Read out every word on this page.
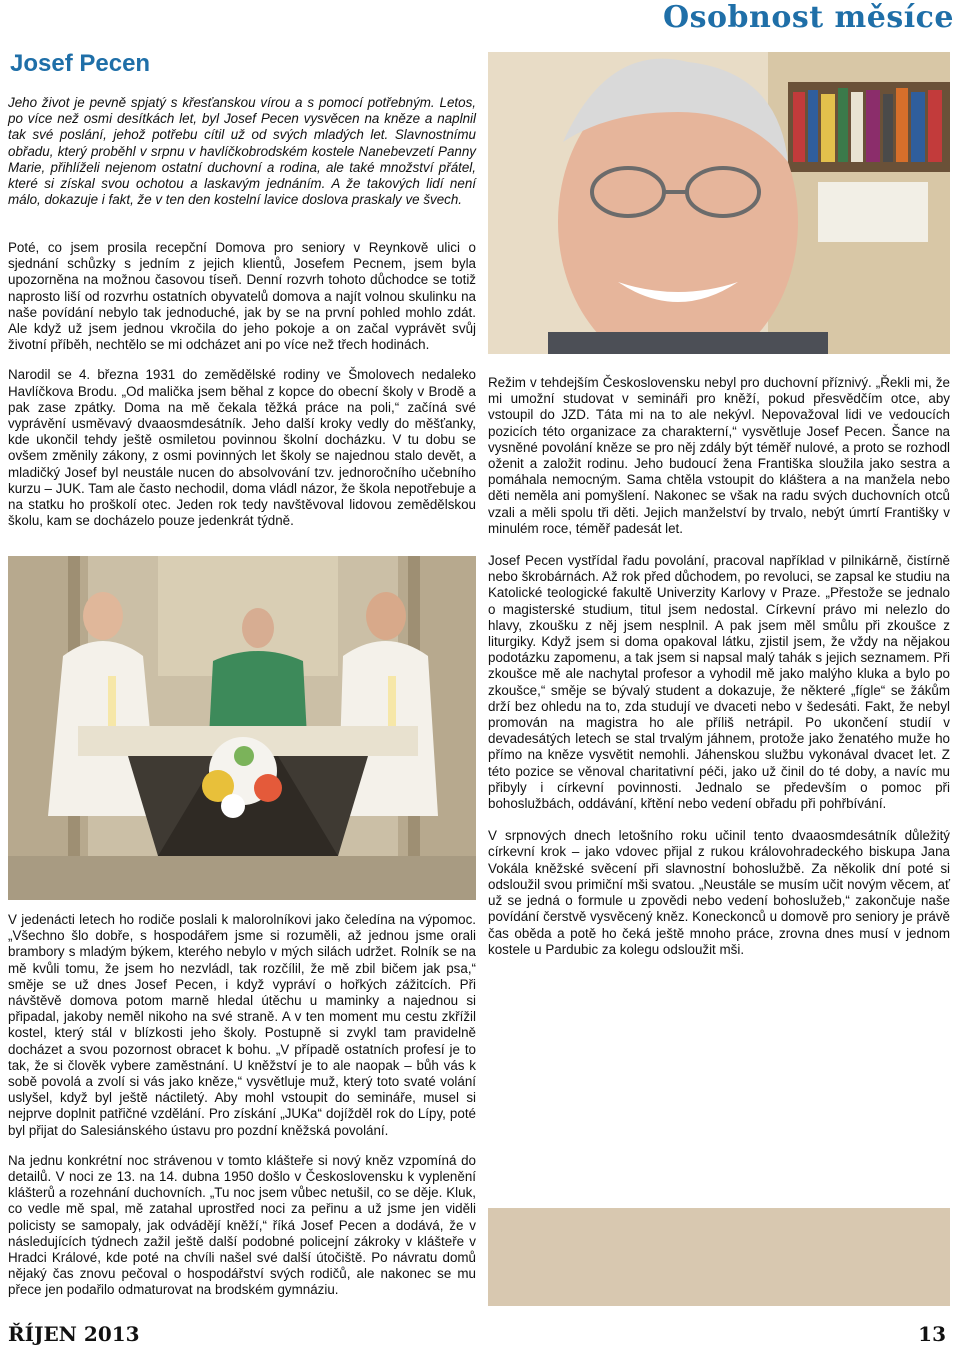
Osobnost měsíce
Josef Pecen

Jeho život je pevně spjatý s křesťanskou vírou a s pomocí potřebným. Letos, po více než osmi desítkách let, byl Josef Pecen vysvěcen na kněze a naplnil tak své poslání, jehož potřebu cítil už od svých mladých let. Slavnostnímu obřadu, který proběhl v srpnu v havlíčkobrodském kostele Nanebevzetí Panny Marie, přihlíželi nejenom ostatní duchovní a rodina, ale také množství přátel, které si získal svou ochotou a laskavým jednáním. A že takových lidí není málo, dokazuje i fakt, že v ten den kostelní lavice doslova praskaly ve švech.

Poté, co jsem prosila recepční Domova pro seniory v Reynkově ulici o sjednání schůzky s jedním z jejich klientů, Josefem Pecnem, jsem byla upozorněna na možnou časovou tíseň. Denní rozvrh tohoto důchodce se totiž naprosto liší od rozvrhu ostatních obyvatelů domova a najít volnou skulinku na naše povídání nebylo tak jednoduché, jak by se na první pohled mohlo zdát. Ale když už jsem jednou vkročila do jeho pokoje a on začal vyprávět svůj životní příběh, nechtělo se mi odcházet ani po více než třech hodinách.

Narodil se 4. března 1931 do zemědělské rodiny ve Šmolovech nedaleko Havlíčkova Brodu. „Od malička jsem běhal z kopce do obecní školy v Brodě a pak zase zpátky. Doma na mě čekala těžká práce na poli,“ začíná své vyprávění usměvavý dvaaosmdesátník. Jeho další kroky vedly do měšťanky, kde ukončil tehdy ještě osmiletou povinnou školní docházku. V tu dobu se ovšem změnily zákony, z osmi povinných let školy se najednou stalo devět, a mladičký Josef byl neustále nucen do absolvování tzv. jednoročního učebního kurzu – JUK. Tam ale často nechodil, doma vládl názor, že škola nepotřebuje a na statku ho proškolí otec. Jeden rok tedy navštěvoval lidovou zemědělskou školu, kam se docházelo pouze jedenkrát týdně.

V jedenácti letech ho rodiče poslali k malorolníkovi jako čeledína na výpomoc. „Všechno šlo dobře, s hospodářem jsme si rozuměli, až jednou jsme orali brambory s mladým býkem, kterého nebylo v mých silách udržet. Rolník se na mě kvůli tomu, že jsem ho nezvládl, tak rozčílil, že mě zbil bičem jak psa,“ směje se už dnes Josef Pecen, i když vypráví o hořkých zážitcích. Při návštěvě domova potom marně hledal útěchu u maminky a najednou si připadal, jakoby nemĕl nikoho na své straně. A v ten moment mu cestu zkřížil kostel, který stál v blízkosti jeho školy. Postupně si zvykl tam pravidelně docházet a svou pozornost obracet k bohu. „V případě ostatních profesí je to tak, že si člověk vybere zaměstnání. U kněžství je to ale naopak – bůh vás k sobě povolá a zvolí si vás jako kněze,“ vysvětluje muž, který toto svaté volání uslyšel, když byl ještě náctiletý. Aby mohl vstoupit do semináře, musel si nejprve doplnit patřičné vzdělání. Pro získání „JUKa“ dojížděl rok do Lípy, poté byl přijat do Salesiánského ústavu pro pozdní kněžská povolání.

Na jednu konkrétní noc strávenou v tomto klášteře si nový kněz vzpomíná do detailů. V noci ze 13. na 14. dubna 1950 došlo v Československu k vyplenění klášterů a rozehnání duchovních. „Tu noc jsem vůbec netušil, co se děje. Kluk, co vedle mě spal, mě zatahal uprostřed noci za peřinu a už jsme jen viděli policisty se samopaly, jak odvádějí kněží,“ říká Josef Pecen a dodává, že v následujících týdnech zažil ještě další podobné policejní zákroky v klášteře v Hradci Králové, kde poté na chvíli našel své další útočiště. Po návratu domů nějaký čas znovu pečoval o hospodářství svých rodičů, ale nakonec se mu přece jen podařilo odmaturovat na brodském gymnáziu.

Režim v tehdejším Československu nebyl pro duchovní příznivý. „Řekli mi, že mi umožní studovat v semináři pro kněží, pokud přesvědčím otce, aby vstoupil do JZD. Táta mi na to ale nekývl. Nepovažoval lidi ve vedoucích pozicích této organizace za charakterní,“ vysvětluje Josef Pecen. Šance na vysněné povolání kněze se pro něj zdály být téměř nulové, a proto se rozhodl oženit a založit rodinu. Jeho budoucí žena Františka sloužila jako sestra a pomáhala nemocným. Sama chtěla vstoupit do kláštera a na manžela nebo děti neměla ani pomyšlení. Nakonec se však na radu svých duchovních otců vzali a měli spolu tři děti. Jejich manželství by trvalo, nebýt úmrtí Františky v minulém roce, téměř padesát let.

Josef Pecen vystřídal řadu povolání, pracoval například v pilnikárně, čistírně nebo škrobárnách. Až rok před důchodem, po revoluci, se zapsal ke studiu na Katolické teologické fakultě Univerzity Karlovy v Praze. „Přestože se jednalo o magisterské studium, titul jsem nedostal. Církevní právo mi nelezlo do hlavy, zkoušku z něj jsem nesplnil. A pak jsem měl smůlu při zkoušce z liturgiky. Když jsem si doma opakoval látku, zjistil jsem, že vždy na nějakou podotázku zapomenu, a tak jsem si napsal malý tahák s jejich seznamem. Při zkoušce mě ale nachytal profesor a vyhodil mě jako malýho kluka a bylo po zkoušce,“ směje se bývalý student a dokazuje, že některé „fígle“ se žákům drží bez ohledu na to, zda studují ve dvaceti nebo v šedesáti. Fakt, že nebyl promován na magistra ho ale příliš netrápil. Po ukončení studií v devadesátých letech se stal trvalým jáhnem, protože jako ženatého muže ho přímo na kněze vysvětit nemohli. Jáhenskou službu vykonával dvacet let. Z této pozice se věnoval charitativní péči, jako už činil do té doby, a navíc mu přibyly i církevní povinnosti. Jednalo se především o pomoc při bohoslužbách, oddávání, křtění nebo vedení obřadu při pohřbívání.

V srpnových dnech letošního roku učinil tento dvaaosmdesátník důležitý církevní krok – jako vdovec přijal z rukou královohradeckého biskupa Jana Vokála kněžské svěcení při slavnostní bohoslužbě. Za několik dní poté si odsloužil svou primiční mši svatou. „Neustále se musím učit novým věcem, ať už se jedná o formule u zpovědi nebo vedení bohoslužeb,“ zakončuje naše povídání čerstvě vysvěcený kněz. Koneckonců u domově pro seniory je právě čas oběda a potě ho čeká ještě mnoho práce, zrovna dnes musí v jednom kostele u Pardubic za kolegu odsloužit mši.

ŘÍJEN 2013	13
